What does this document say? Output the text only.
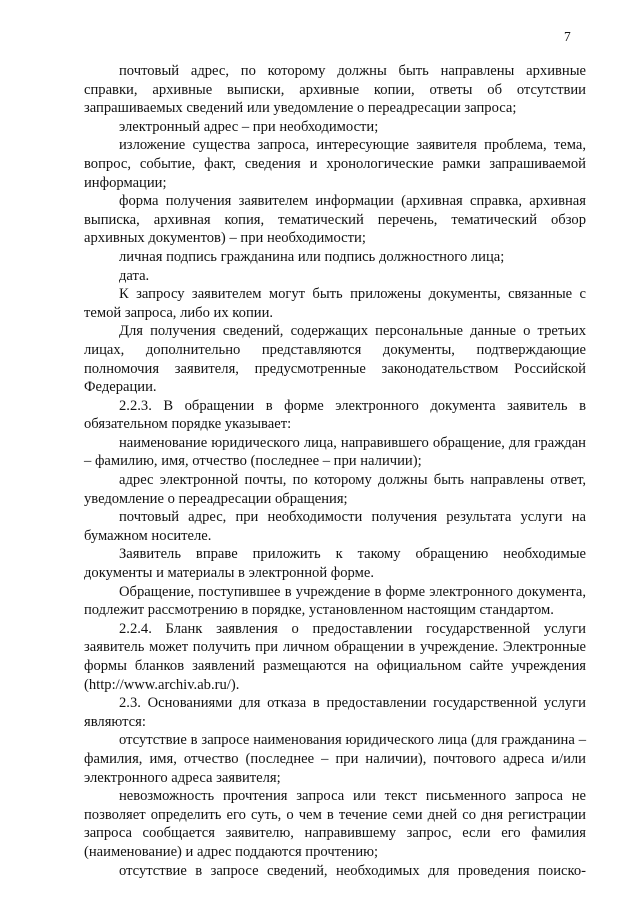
7

почтовый адрес, по которому должны быть направлены архивные справки, архивные выписки, архивные копии, ответы об отсутствии запрашиваемых сведений или уведомление о переадресации запроса;

электронный адрес – при необходимости;

изложение существа запроса, интересующие заявителя проблема, тема, вопрос, событие, факт, сведения и хронологические рамки запрашиваемой информации;

форма получения заявителем информации (архивная справка, архивная выписка, архивная копия, тематический перечень, тематический обзор архивных документов) – при необходимости;

личная подпись гражданина или подпись должностного лица;

дата.

К запросу заявителем могут быть приложены документы, связанные с темой запроса, либо их копии.

Для получения сведений, содержащих персональные данные о третьих лицах, дополнительно представляются документы, подтверждающие полномочия заявителя, предусмотренные законодательством Российской Федерации.

2.2.3. В обращении в форме электронного документа заявитель в обязательном порядке указывает:

наименование юридического лица, направившего обращение, для граждан – фамилию, имя, отчество (последнее – при наличии);

адрес электронной почты, по которому должны быть направлены ответ, уведомление о переадресации обращения;

почтовый адрес, при необходимости получения результата услуги на бумажном носителе.

Заявитель вправе приложить к такому обращению необходимые документы и материалы в электронной форме.

Обращение, поступившее в учреждение в форме электронного документа, подлежит рассмотрению в порядке, установленном настоящим стандартом.

2.2.4. Бланк заявления о предоставлении государственной услуги заявитель может получить при личном обращении в учреждение. Электронные формы бланков заявлений размещаются на официальном сайте учреждения (http://www.archiv.ab.ru/).

2.3. Основаниями для отказа в предоставлении государственной услуги являются:

отсутствие в запросе наименования юридического лица (для гражданина – фамилия, имя, отчество (последнее – при наличии), почтового адреса и/или электронного адреса заявителя;

невозможность прочтения запроса или текст письменного запроса не позволяет определить его суть, о чем в течение семи дней со дня регистрации запроса сообщается заявителю, направившему запрос, если его фамилия (наименование) и адрес поддаются прочтению;

отсутствие в запросе сведений, необходимых для проведения поиско-
